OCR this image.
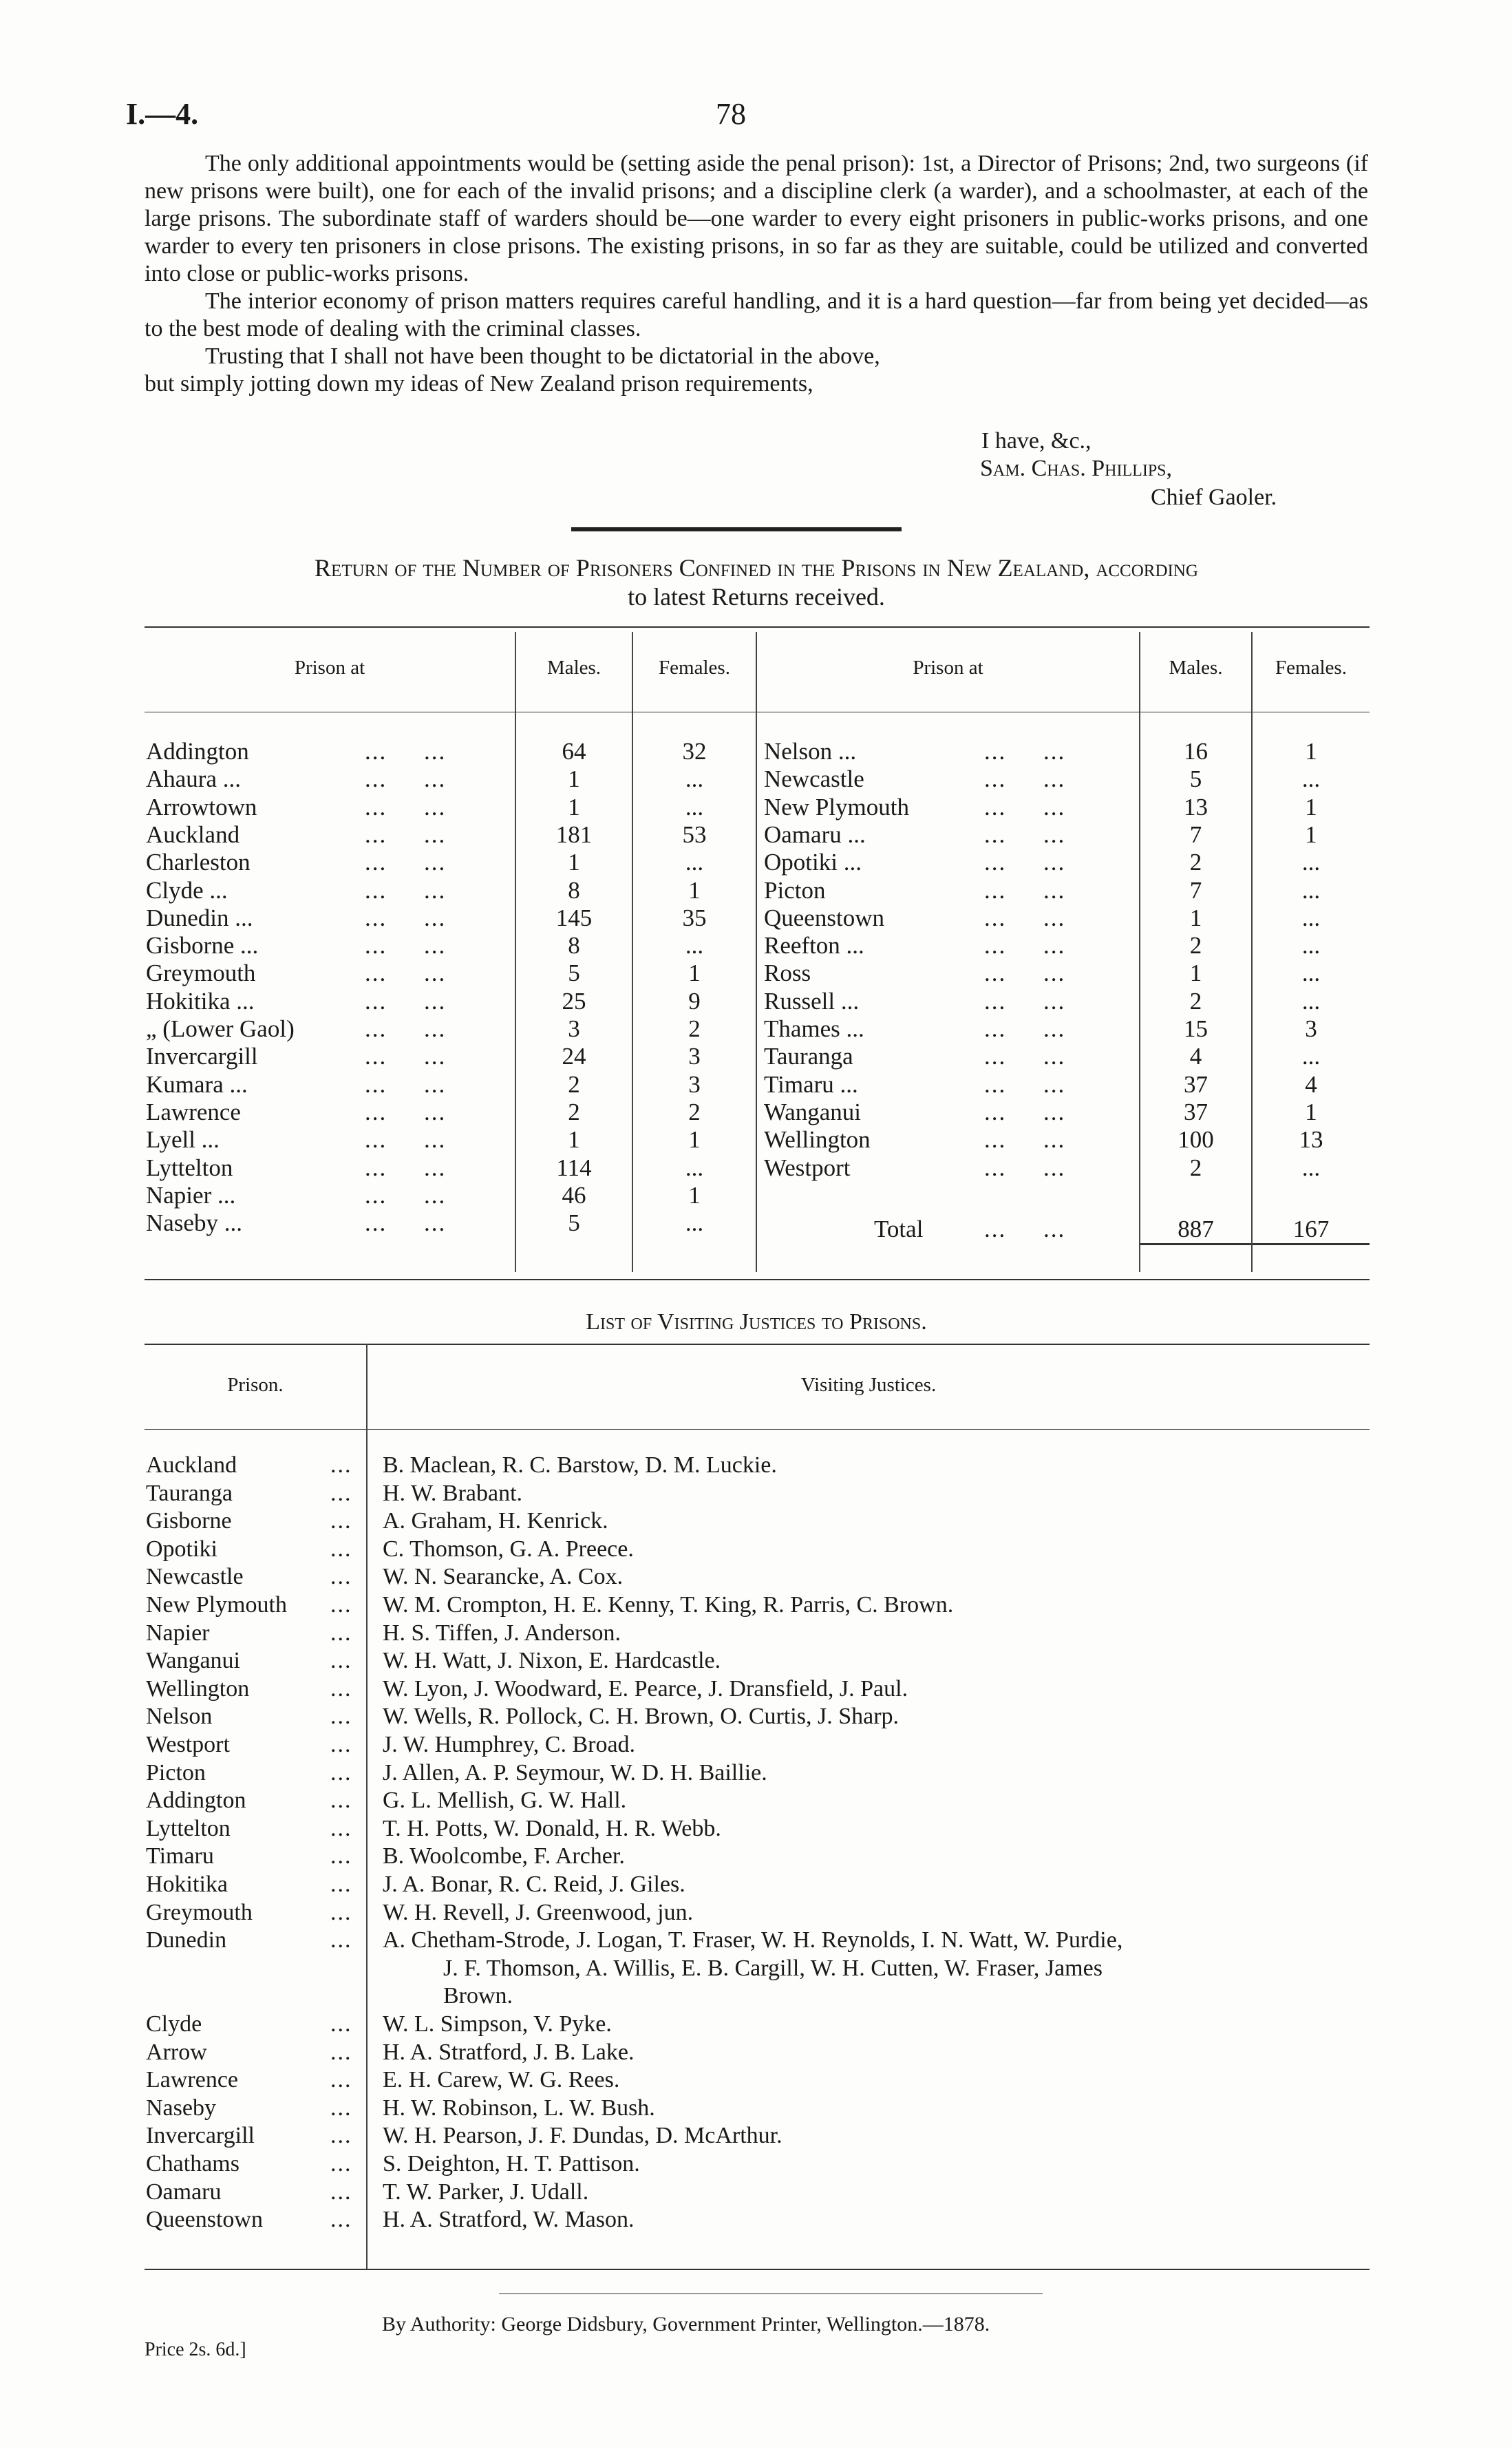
I.—4.	78

The only additional appointments would be (setting aside the penal prison): 1st, a Director of Prisons; 2nd, two surgeons (if new prisons were built), one for each of the invalid prisons; and a discipline clerk (a warder), and a schoolmaster, at each of the large prisons. The subordinate staff of warders should be—one warder to every eight prisoners in public-works prisons, and one warder to every ten prisoners in close prisons. The existing prisons, in so far as they are suitable, could be utilized and converted into close or public-works prisons.

The interior economy of prison matters requires careful handling, and it is a hard question—far from being yet decided—as to the best mode of dealing with the criminal classes.

Trusting that I shall not have been thought to be dictatorial in the above, but simply jotting down my ideas of New Zealand prison requirements,

I have, &c.,
Sam. Chas. Phillips,
Chief Gaoler.
Return of the Number of Prisoners Confined in the Prisons in New Zealand, according
to latest Returns received.
Prison at	Males.	Females.	Prison at	Males.	Females.
Addington	...     ...	64	32
Ahaura ...	...     ...	1	...
Arrowtown	...     ...	1	...
Auckland	...     ...	181	53
Charleston	...     ...	1	...
Clyde ...	...     ...	8	1
Dunedin ...	...     ...	145	35
Gisborne ...	...     ...	8	...
Greymouth	...     ...	5	1
Hokitika ...	...     ...	25	9
„ (Lower Gaol)	...     ...	3	2
Invercargill	...     ...	24	3
Kumara ...	...     ...	2	3
Lawrence	...     ...	2	2
Lyell ...	...     ...	1	1
Lyttelton	...     ...	114	...
Napier ...	...     ...	46	1
Naseby ...	...     ...	5	...
Nelson ...	...     ...	16	1
Newcastle	...     ...	5	...
New Plymouth	...     ...	13	1
Oamaru ...	...     ...	7	1
Opotiki ...	...     ...	2	...
Picton	...     ...	7	...
Queenstown	...     ...	1	...
Reefton ...	...     ...	2	...
Ross	...     ...	1	...
Russell ...	...     ...	2	...
Thames ...	...     ...	15	3
Tauranga	...     ...	4	...
Timaru ...	...     ...	37	4
Wanganui	...     ...	37	1
Wellington	...     ...	100	13
Westport	...     ...	2	...
Total	...     ...	887	167
List of Visiting Justices to Prisons.
Prison.	Visiting Justices.
Auckland	... B. Maclean, R. C. Barstow, D. M. Luckie.
Tauranga	... H. W. Brabant.
Gisborne	... A. Graham, H. Kenrick.
Opotiki	... C. Thomson, G. A. Preece.
Newcastle	... W. N. Searancke, A. Cox.
New Plymouth ... W. M. Crompton, H. E. Kenny, T. King, R. Parris, C. Brown.
Napier	... H. S. Tiffen, J. Anderson.
Wanganui	... W. H. Watt, J. Nixon, E. Hardcastle.
Wellington	... W. Lyon, J. Woodward, E. Pearce, J. Dransfield, J. Paul.
Nelson	... W. Wells, R. Pollock, C. H. Brown, O. Curtis, J. Sharp.
Westport	... J. W. Humphrey, C. Broad.
Picton	... J. Allen, A. P. Seymour, W. D. H. Baillie.
Addington	... G. L. Mellish, G. W. Hall.
Lyttelton	... T. H. Potts, W. Donald, H. R. Webb.
Timaru	... B. Woolcombe, F. Archer.
Hokitika	... J. A. Bonar, R. C. Reid, J. Giles.
Greymouth	... W. H. Revell, J. Greenwood, jun.
Dunedin	... A. Chetham-Strode, J. Logan, T. Fraser, W. H. Reynolds, I. N. Watt, W. Purdie,
J. F. Thomson, A. Willis, E. B. Cargill, W. H. Cutten, W. Fraser, James
Brown.
Clyde	... W. L. Simpson, V. Pyke.
Arrow	... H. A. Stratford, J. B. Lake.
Lawrence	... E. H. Carew, W. G. Rees.
Naseby	... H. W. Robinson, L. W. Bush.
Invercargill	... W. H. Pearson, J. F. Dundas, D. McArthur.
Chathams	... S. Deighton, H. T. Pattison.
Oamaru	... T. W. Parker, J. Udall.
Queenstown	... H. A. Stratford, W. Mason.
By Authority: George Didsbury, Government Printer, Wellington.—1878.
Price 2s. 6d.]
